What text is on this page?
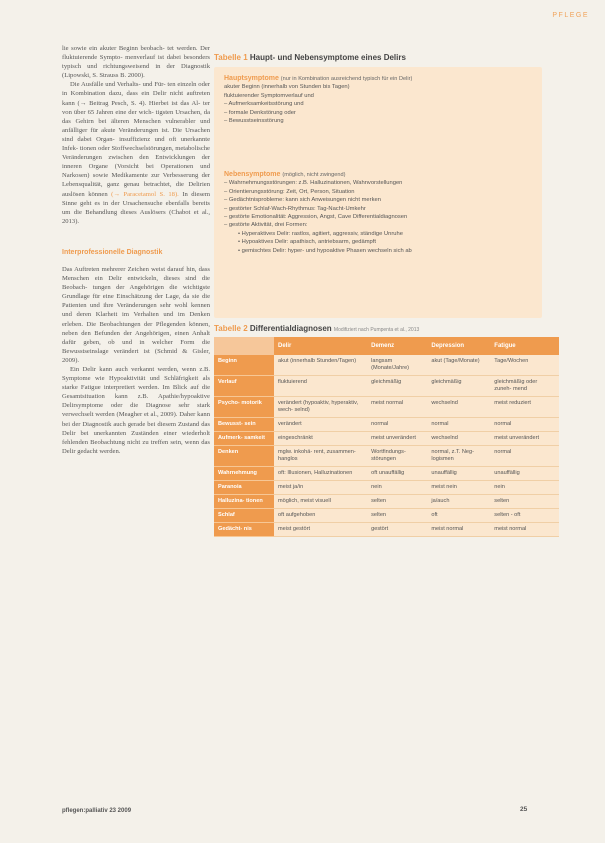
PFLEGE

lie sowie ein akuter Beginn beobach- tet werden. Der fluktuierende Sympto- menverlauf ist dabei besonders typisch und richtungsweisend in der Diagnostik (Lipowski, S. Strauss B. 2000).

Die Ausfälle und Verhalts- und Für- ten einzeln oder in Kombination dazu, dass ein Delir nicht auftreten kann (→ Beitrag Pesch, S. 4). Hierbei ist das Al- ter von über 65 Jahren eine der wich- tigsten Ursachen, da das Gehirn bei älteren Menschen vulnerabler und anfälliger für akute Veränderungen ist. Die Ursachen sind dabei Organ- insuffizienz und oft unerkannte Infek- tionen oder Stoffwechselstörungen, metabolische Veränderungen zwischen den Entwicklungen der inneren Organe (Vorsicht bei Operationen und Narkosen) sowie Medikamente zur Verbesserung der Lebensqualität, ganz genau betrachtet, die Delirien auslösen können (→ Paracetamol S. 18). In diesem Sinne geht es in der Ursachensuche ebenfalls bereits um die Behandlung dieses Auslösers (Chabot et al., 2013).

Interprofessionelle Diagnostik

Das Auftreten mehrerer Zeichen weist darauf hin, dass Menschen ein Delir entwickeln, dieses sind die Beobach- tungen der Angehörigen die wichtigste Grundlage für eine Einschätzung der Lage, da sie die Patienten und ihre Veränderungen sehr wohl kennen und deren Klarheit im Verhalten und im Denken erleben. Die Beobachtungen der Pflegenden können, neben den Befunden der Angehörigen, einen Anhalt dafür geben, ob und in welcher Form die Bewusstseinslage verändert ist (Schmid & Gisler, 2009).

Ein Delir kann auch verkannt werden, wenn z.B. Symptome wie Hypoaktivität und Schläfrigkeit als starke Fatigue interpretiert werden. Im Blick auf die Gesamtsituation kann z.B. Apathie/hypoaktive Delirsymptome oder die Diagnose sehr stark verwechselt werden (Meagher et al., 2009). Daher kann bei der Diagnostik auch gerade bei diesem Zustand das Delir bei unerkannten Zuständen einer wiederholt fehlenden Beobachtung nicht zu treffen sein, wenn das Delir gedacht werden.

Tabelle 1 Haupt- und Nebensymptome eines Delirs
Hauptsymptome (nur in Kombination ausreichend typisch für ein Delir)
akuter Beginn (innerhalb von Stunden bis Tagen)
fluktuierender Symptomverlauf und
– Aufmerksamkeitsstörung und
– formale Denkstörung oder
– Bewusstseinsstörung
Nebensymptome (möglich, nicht zwingend)
– Wahrnehmungsstörungen: z.B. Halluzinationen, Wahnvorstellungen
– Orientierungsstörung: Zeit, Ort, Person, Situation
– Gedächtnisprobleme: kann sich Anweisungen nicht merken
– gestörter Schlaf-Wach-Rhythmus: Tag-Nacht-Umkehr
– gestörte Emotionalität: Aggression, Angst, Cave Differentialdiagnosen
– gestörte Aktivität, drei Formen:
• Hyperaktives Delir: rastlos, agitiert, aggressiv, ständige Unruhe
• Hypoaktives Delir: apathisch, antriebsarm, gedämpft
• gemischtes Delir: hyper- und hypoaktive Phasen wechseln sich ab
Tabelle 2 Differentialdiagnosen Modifiziert nach Pumpenta et al., 2013
	Delir	Demenz	Depression	Fatigue
Beginn	akut (innerhalb Stunden/Tagen)	langsam (Monate/Jahre)	akut (Tage/Monate)	Tage/Wochen
Verlauf	fluktuierend	gleichmäßig	gleichmäßig	gleichmäßig oder zuneh- mend
Psycho- motorik	verändert (hypoaktiv, hyperaktiv, wech- selnd)	meist normal	wechselnd	meist reduziert
Bewusst- sein	verändert	normal	normal	normal
Aufmerk- samkeit	eingeschränkt	meist unverändert	wechselnd	meist unverändert
Denken	mglw. inkohä- rent, zusammen- hanglos	Wortfindungs- störungen	normal, z.T. Neg- logismen	normal
Wahrnehmung	oft: Illusionen, Halluzinationen	oft unauffällig	unauffällig	unauffällig
Paranoia	meist ja/in	nein	meist nein	nein
Halluzina- tionen	möglich, meist visuell	selten	ja/auch	selten
Schlaf	oft aufgehoben	selten	oft	selten - oft
Gedächt- nis	meist gestört	gestört	meist normal	meist normal
pflegen:palliativ 23 2009	25
